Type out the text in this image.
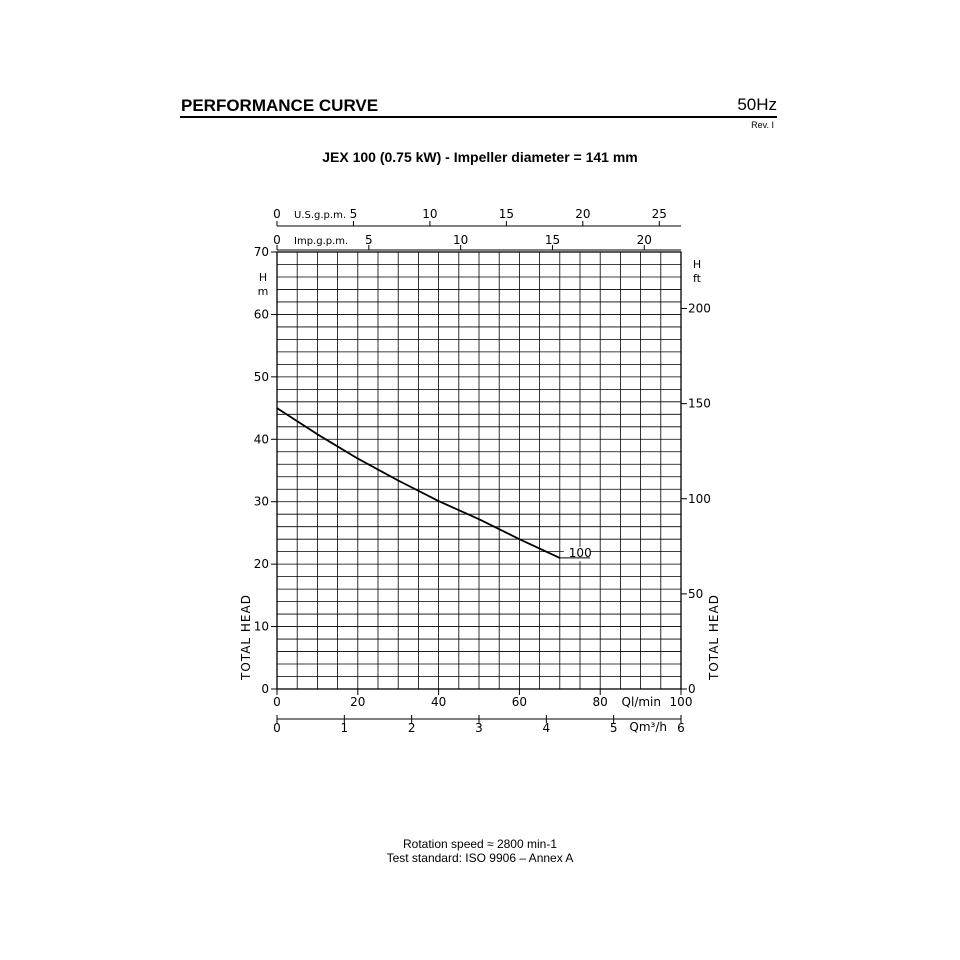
PERFORMANCE CURVE	50Hz
Rev. I
JEX 100 (0.75 kW) - Impeller diameter = 141 mm
0
10
20
30
40
50
60
70
H
m
0
50
100
150
200
H
ft
TOTAL HEAD	TOTAL HEAD
0	20	40	60	80	100
Ql/min
0	1	2	3	4	5	6
Qm³/h
0	5	10	15	20	25
U.S.g.p.m.
0	5	10	15	20
Imp.g.p.m.
100
Rotation speed ≈ 2800 min-1
Test standard: ISO 9906 – Annex A
